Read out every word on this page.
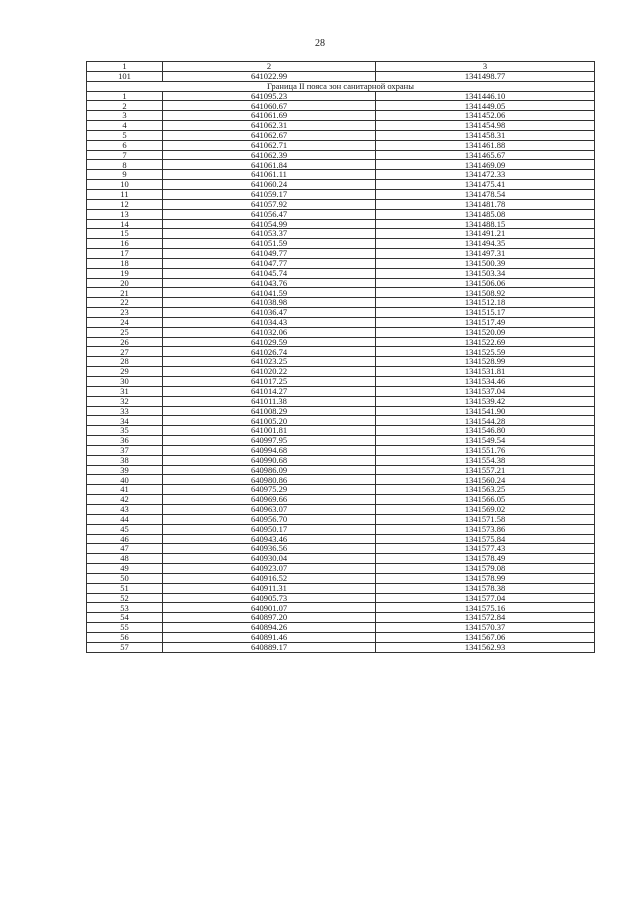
28
1	2	3
101	641022.99	1341498.77
Граница II пояса зон санитарной охраны		
1	641095.23	1341446.10
2	641060.67	1341449.05
3	641061.69	1341452.06
4	641062.31	1341454.98
5	641062.67	1341458.31
6	641062.71	1341461.88
7	641062.39	1341465.67
8	641061.84	1341469.09
9	641061.11	1341472.33
10	641060.24	1341475.41
11	641059.17	1341478.54
12	641057.92	1341481.78
13	641056.47	1341485.08
14	641054.99	1341488.15
15	641053.37	1341491.21
16	641051.59	1341494.35
17	641049.77	1341497.31
18	641047.77	1341500.39
19	641045.74	1341503.34
20	641043.76	1341506.06
21	641041.59	1341508.92
22	641038.98	1341512.18
23	641036.47	1341515.17
24	641034.43	1341517.49
25	641032.06	1341520.09
26	641029.59	1341522.69
27	641026.74	1341525.59
28	641023.25	1341528.99
29	641020.22	1341531.81
30	641017.25	1341534.46
31	641014.27	1341537.04
32	641011.38	1341539.42
33	641008.29	1341541.90
34	641005.20	1341544.28
35	641001.81	1341546.80
36	640997.95	1341549.54
37	640994.68	1341551.76
38	640990.68	1341554.38
39	640986.09	1341557.21
40	640980.86	1341560.24
41	640975.29	1341563.25
42	640969.66	1341566.05
43	640963.07	1341569.02
44	640956.70	1341571.58
45	640950.17	1341573.86
46	640943.46	1341575.84
47	640936.56	1341577.43
48	640930.04	1341578.49
49	640923.07	1341579.08
50	640916.52	1341578.99
51	640911.31	1341578.38
52	640905.73	1341577.04
53	640901.07	1341575.16
54	640897.20	1341572.84
55	640894.26	1341570.37
56	640891.46	1341567.06
57	640889.17	1341562.93
